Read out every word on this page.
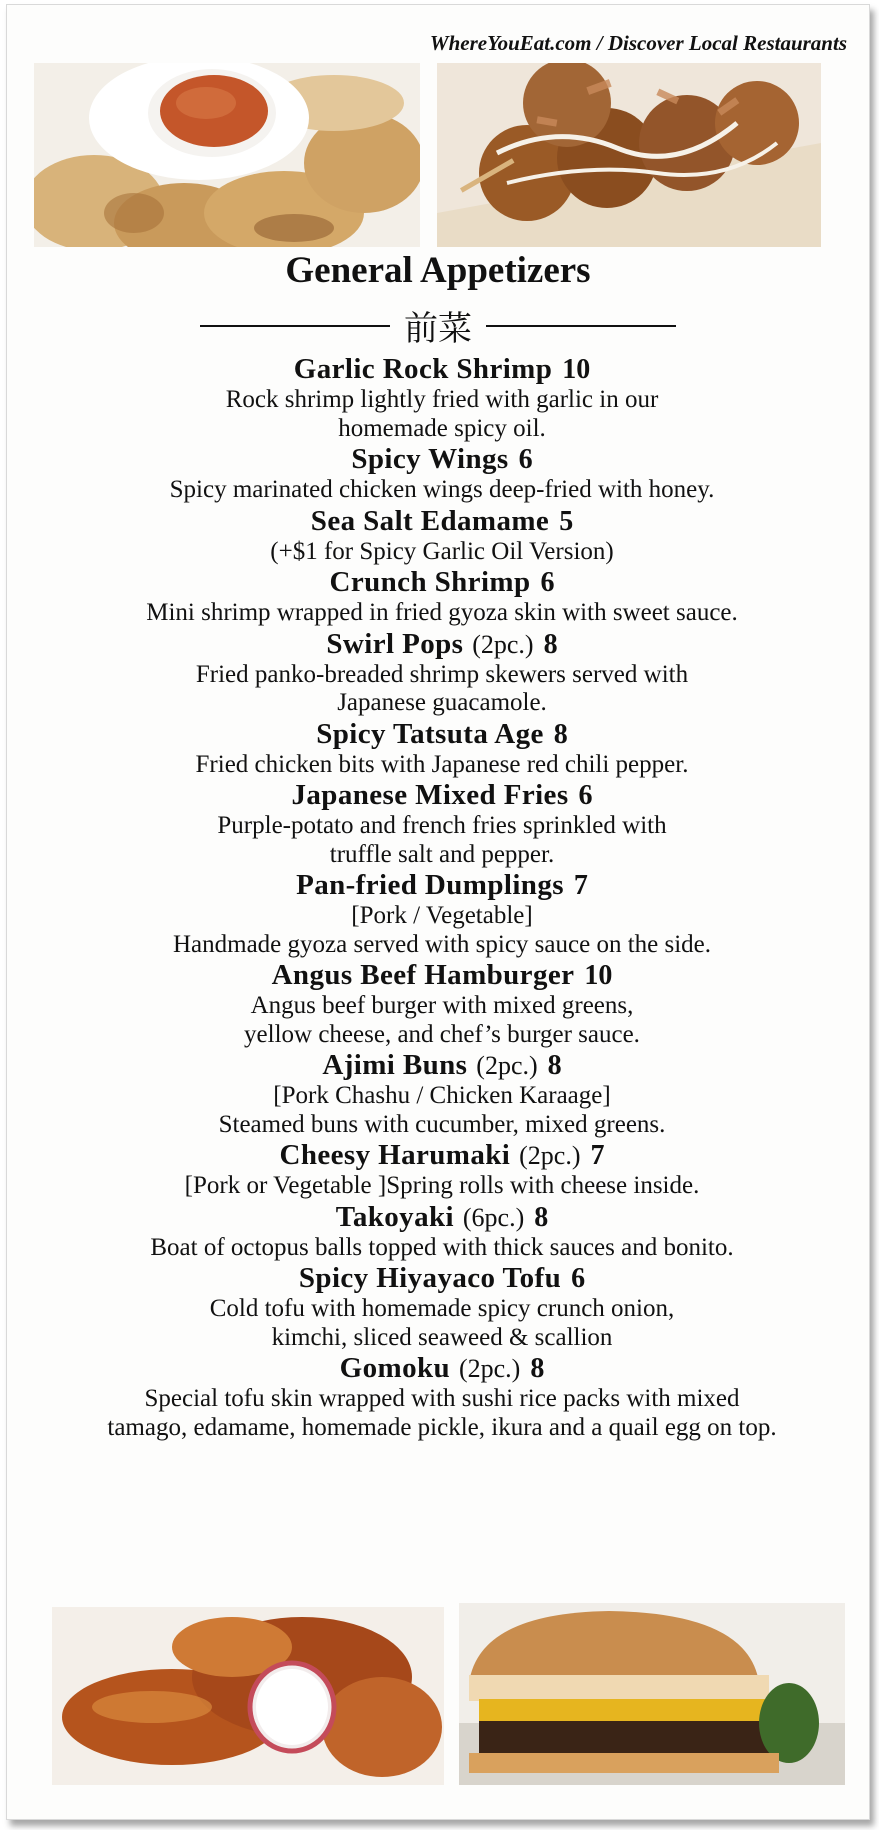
WhereYouEat.com / Discover Local Restaurants
General Appetizers
前菜
Garlic Rock Shrimp 10
Rock shrimp lightly fried with garlic in our
homemade spicy oil.
Spicy Wings 6
Spicy marinated chicken wings deep-fried with honey.
Sea Salt Edamame 5
(+$1 for Spicy Garlic Oil Version)
Crunch Shrimp 6
Mini shrimp wrapped in fried gyoza skin with sweet sauce.
Swirl Pops (2pc.) 8
Fried panko-breaded shrimp skewers served with
Japanese guacamole.
Spicy Tatsuta Age 8
Fried chicken bits with Japanese red chili pepper.
Japanese Mixed Fries 6
Purple-potato and french fries sprinkled with
truffle salt and pepper.
Pan-fried Dumplings 7
[Pork / Vegetable]
Handmade gyoza served with spicy sauce on the side.
Angus Beef Hamburger 10
Angus beef burger with mixed greens,
yellow cheese, and chef’s burger sauce.
Ajimi Buns (2pc.) 8
[Pork Chashu / Chicken Karaage]
Steamed buns with cucumber, mixed greens.
Cheesy Harumaki (2pc.) 7
[Pork or Vegetable ]Spring rolls with cheese inside.
Takoyaki (6pc.) 8
Boat of octopus balls topped with thick sauces and bonito.
Spicy Hiyayaco Tofu 6
Cold tofu with homemade spicy crunch onion,
kimchi, sliced seaweed & scallion
Gomoku (2pc.) 8
Special tofu skin wrapped with sushi rice packs with mixed
tamago, edamame, homemade pickle, ikura and a quail egg on top.
